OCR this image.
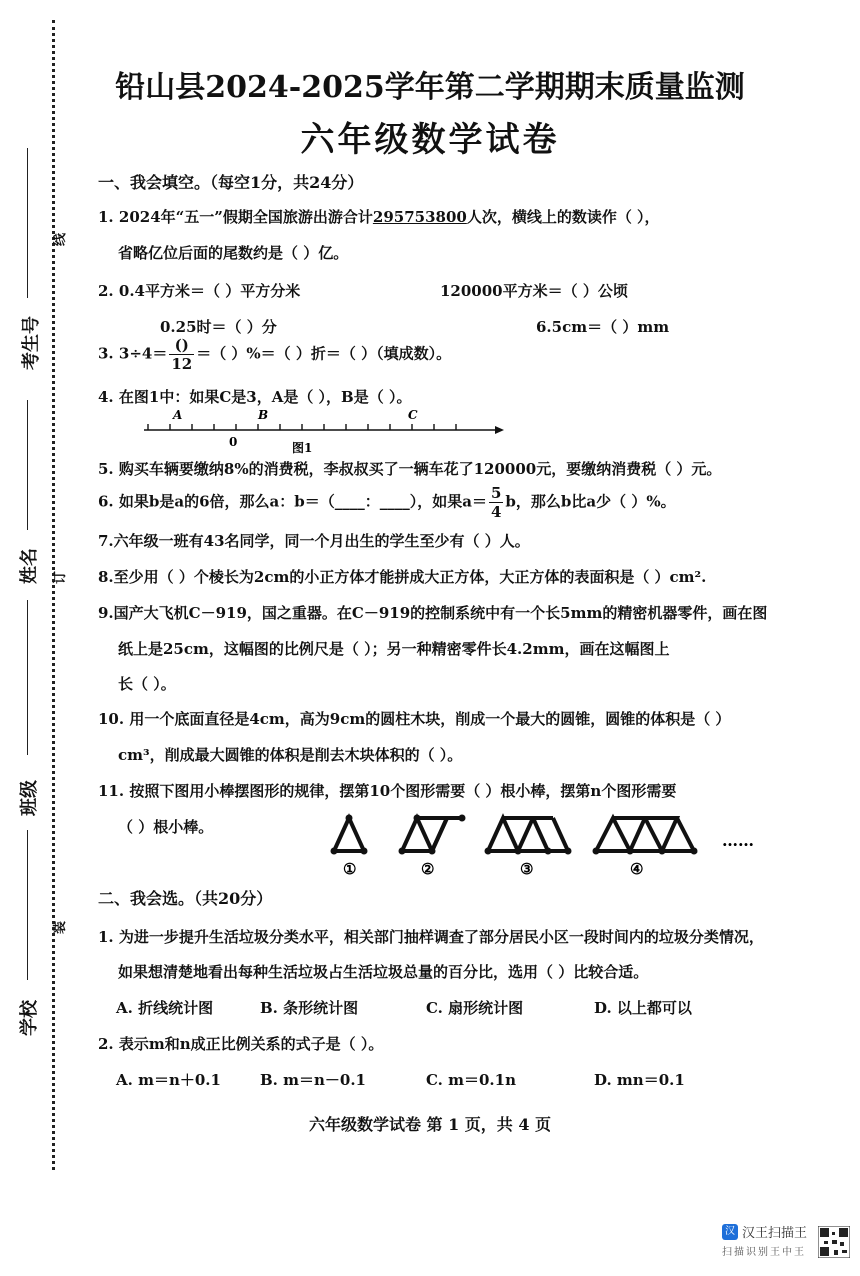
考生号
姓名
班级
学校
线
订
装
铅山县2024-2025学年第二学期期末质量监测
六年级数学试卷
一、我会填空。（每空1分，共24分）
1. 2024年“五一”假期全国旅游出游合计295753800人次，横线上的数读作（ ），
省略亿位后面的尾数约是（ ）亿。
2. 0.4平方米＝（ ）平方分米	120000平方米＝（ ）公顷
0.25时＝（ ）分	6.5cm＝（ ）mm
3. $3\div 4= \frac{()}{12}$ ＝（ ）%＝（ ）折＝（ ）（填成数）。
4. 在图1中：如果C是3，A是（ ），B是（ ）。
A	B	C
0	图1
5. 购买车辆要缴纳8%的消费税，李叔叔买了一辆车花了120000元，要缴纳消费税（ ）元。
6. 如果b是a的6倍，那么a：b＝（____：____），如果$a= \frac{5}{4}$ b，那么b比a少（ ）%。
7.六年级一班有43名同学，同一个月出生的学生至少有（ ）人。
8.至少用（ ）个棱长为2cm的小正方体才能拼成大正方体，大正方体的表面积是（ ）cm².
9.国产大飞机C－919，国之重器。在C－919的控制系统中有一个长5mm的精密机器零件，画在图
纸上是25cm，这幅图的比例尺是（ ）；另一种精密零件长4.2mm，画在这幅图上
长（ ）。
10. 用一个底面直径是4cm，高为9cm的圆柱木块，削成一个最大的圆锥，圆锥的体积是（ ）
cm³，削成最大圆锥的体积是削去木块体积的（ ）。
11. 按照下图用小棒摆图形的规律，摆第10个图形需要（ ）根小棒，摆第n个图形需要
（ ）根小棒。
①	②	③	④
……
二、我会选。（共20分）
1. 为进一步提升生活垃圾分类水平，相关部门抽样调查了部分居民小区一段时间内的垃圾分类情况，
如果想清楚地看出每种生活垃圾占生活垃圾总量的百分比，选用（ ）比较合适。
A. 折线统计图	B. 条形统计图	C. 扇形统计图	D. 以上都可以
2. 表示m和n成正比例关系的式子是（ ）。
A. m＝n＋0.1	B. m＝n－0.1	C. m＝0.1n	D. mn＝0.1
六年级数学试卷 第 1 页，共 4 页
汉 汉王扫描王
扫描识别王中王
